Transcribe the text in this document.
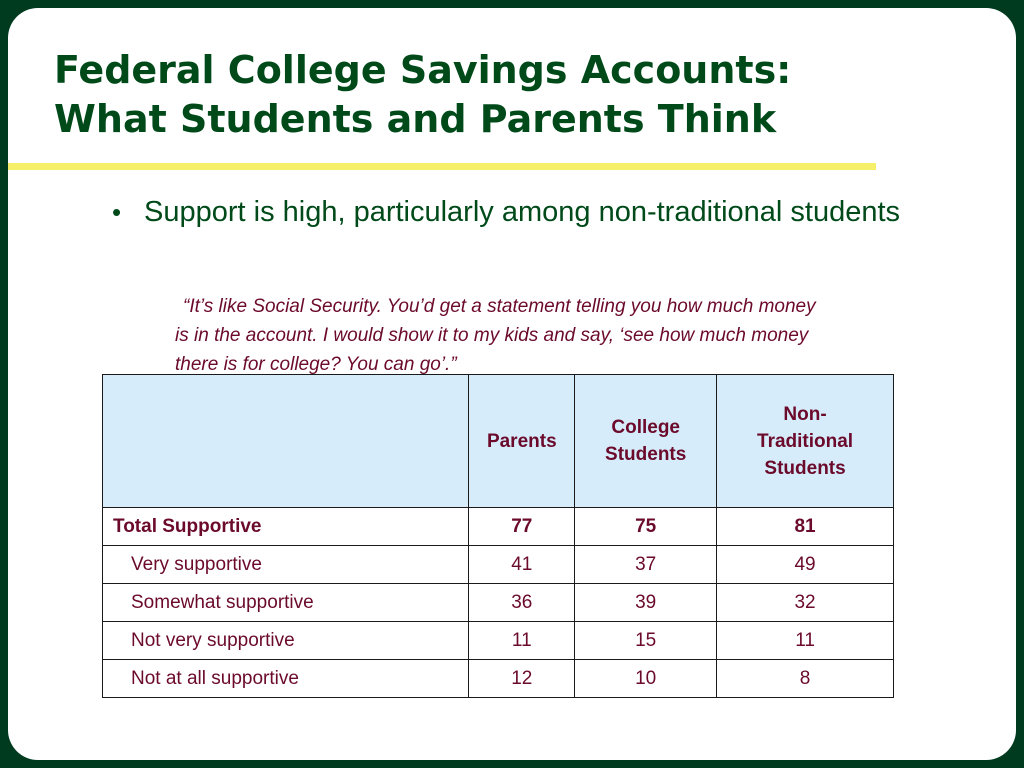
Federal College Savings Accounts:
What Students and Parents Think
• Support is high, particularly among non-traditional students
“It’s like Social Security. You’d get a statement telling you how much money
is in the account. I would show it to my kids and say, ‘see how much money
there is for college? You can go’.”
	Parents	College Students	Non-Traditional Students

Total Supportive	77	75	81
Very supportive	41	37	49
Somewhat supportive	36	39	32
Not very supportive	11	15	11
Not at all supportive	12	10	8
